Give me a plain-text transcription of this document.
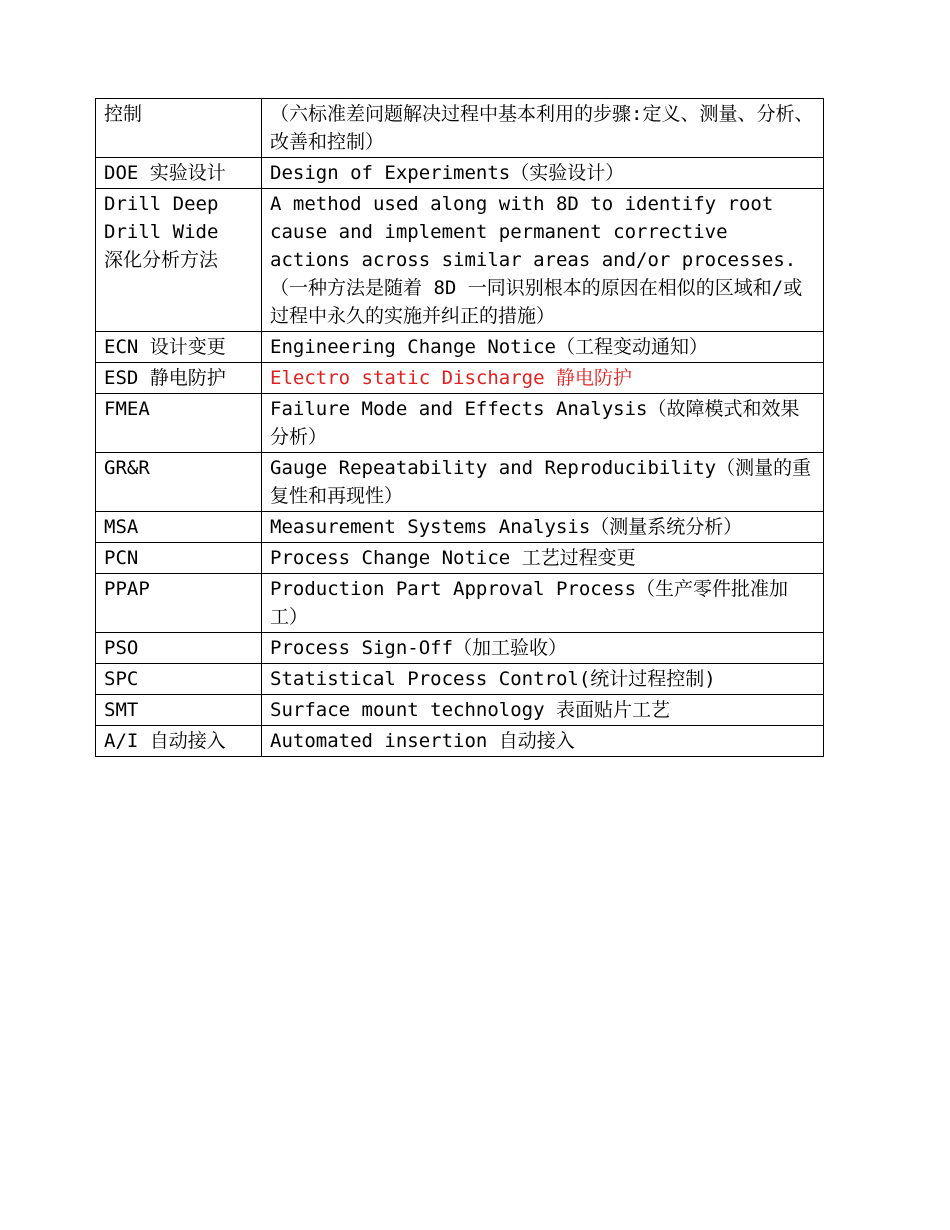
控制	（六标准差问题解决过程中基本利用的步骤:定义、测量、分析、改善和控制）

DOE 实验设计	Design of Experiments（实验设计）

Drill Deep
Drill Wide
深化分析方法	A method used along with 8D to identify root cause and implement permanent corrective actions across similar areas and/or processes.
（一种方法是随着 8D 一同识别根本的原因在相似的区域和/或过程中永久的实施并纠正的措施）

ECN 设计变更	Engineering Change Notice（工程变动通知）

ESD 静电防护	Electro static Discharge 静电防护

FMEA	Failure Mode and Effects Analysis（故障模式和效果分析）

GR&R	Gauge Repeatability and Reproducibility（测量的重复性和再现性）

MSA	Measurement Systems Analysis（测量系统分析）

PCN	Process Change Notice 工艺过程变更

PPAP	Production Part Approval Process（生产零件批准加工）

PSO	Process Sign-Off（加工验收）

SPC	Statistical Process Control(统计过程控制)

SMT	Surface mount technology 表面贴片工艺

A/I 自动接入	Automated insertion 自动接入
